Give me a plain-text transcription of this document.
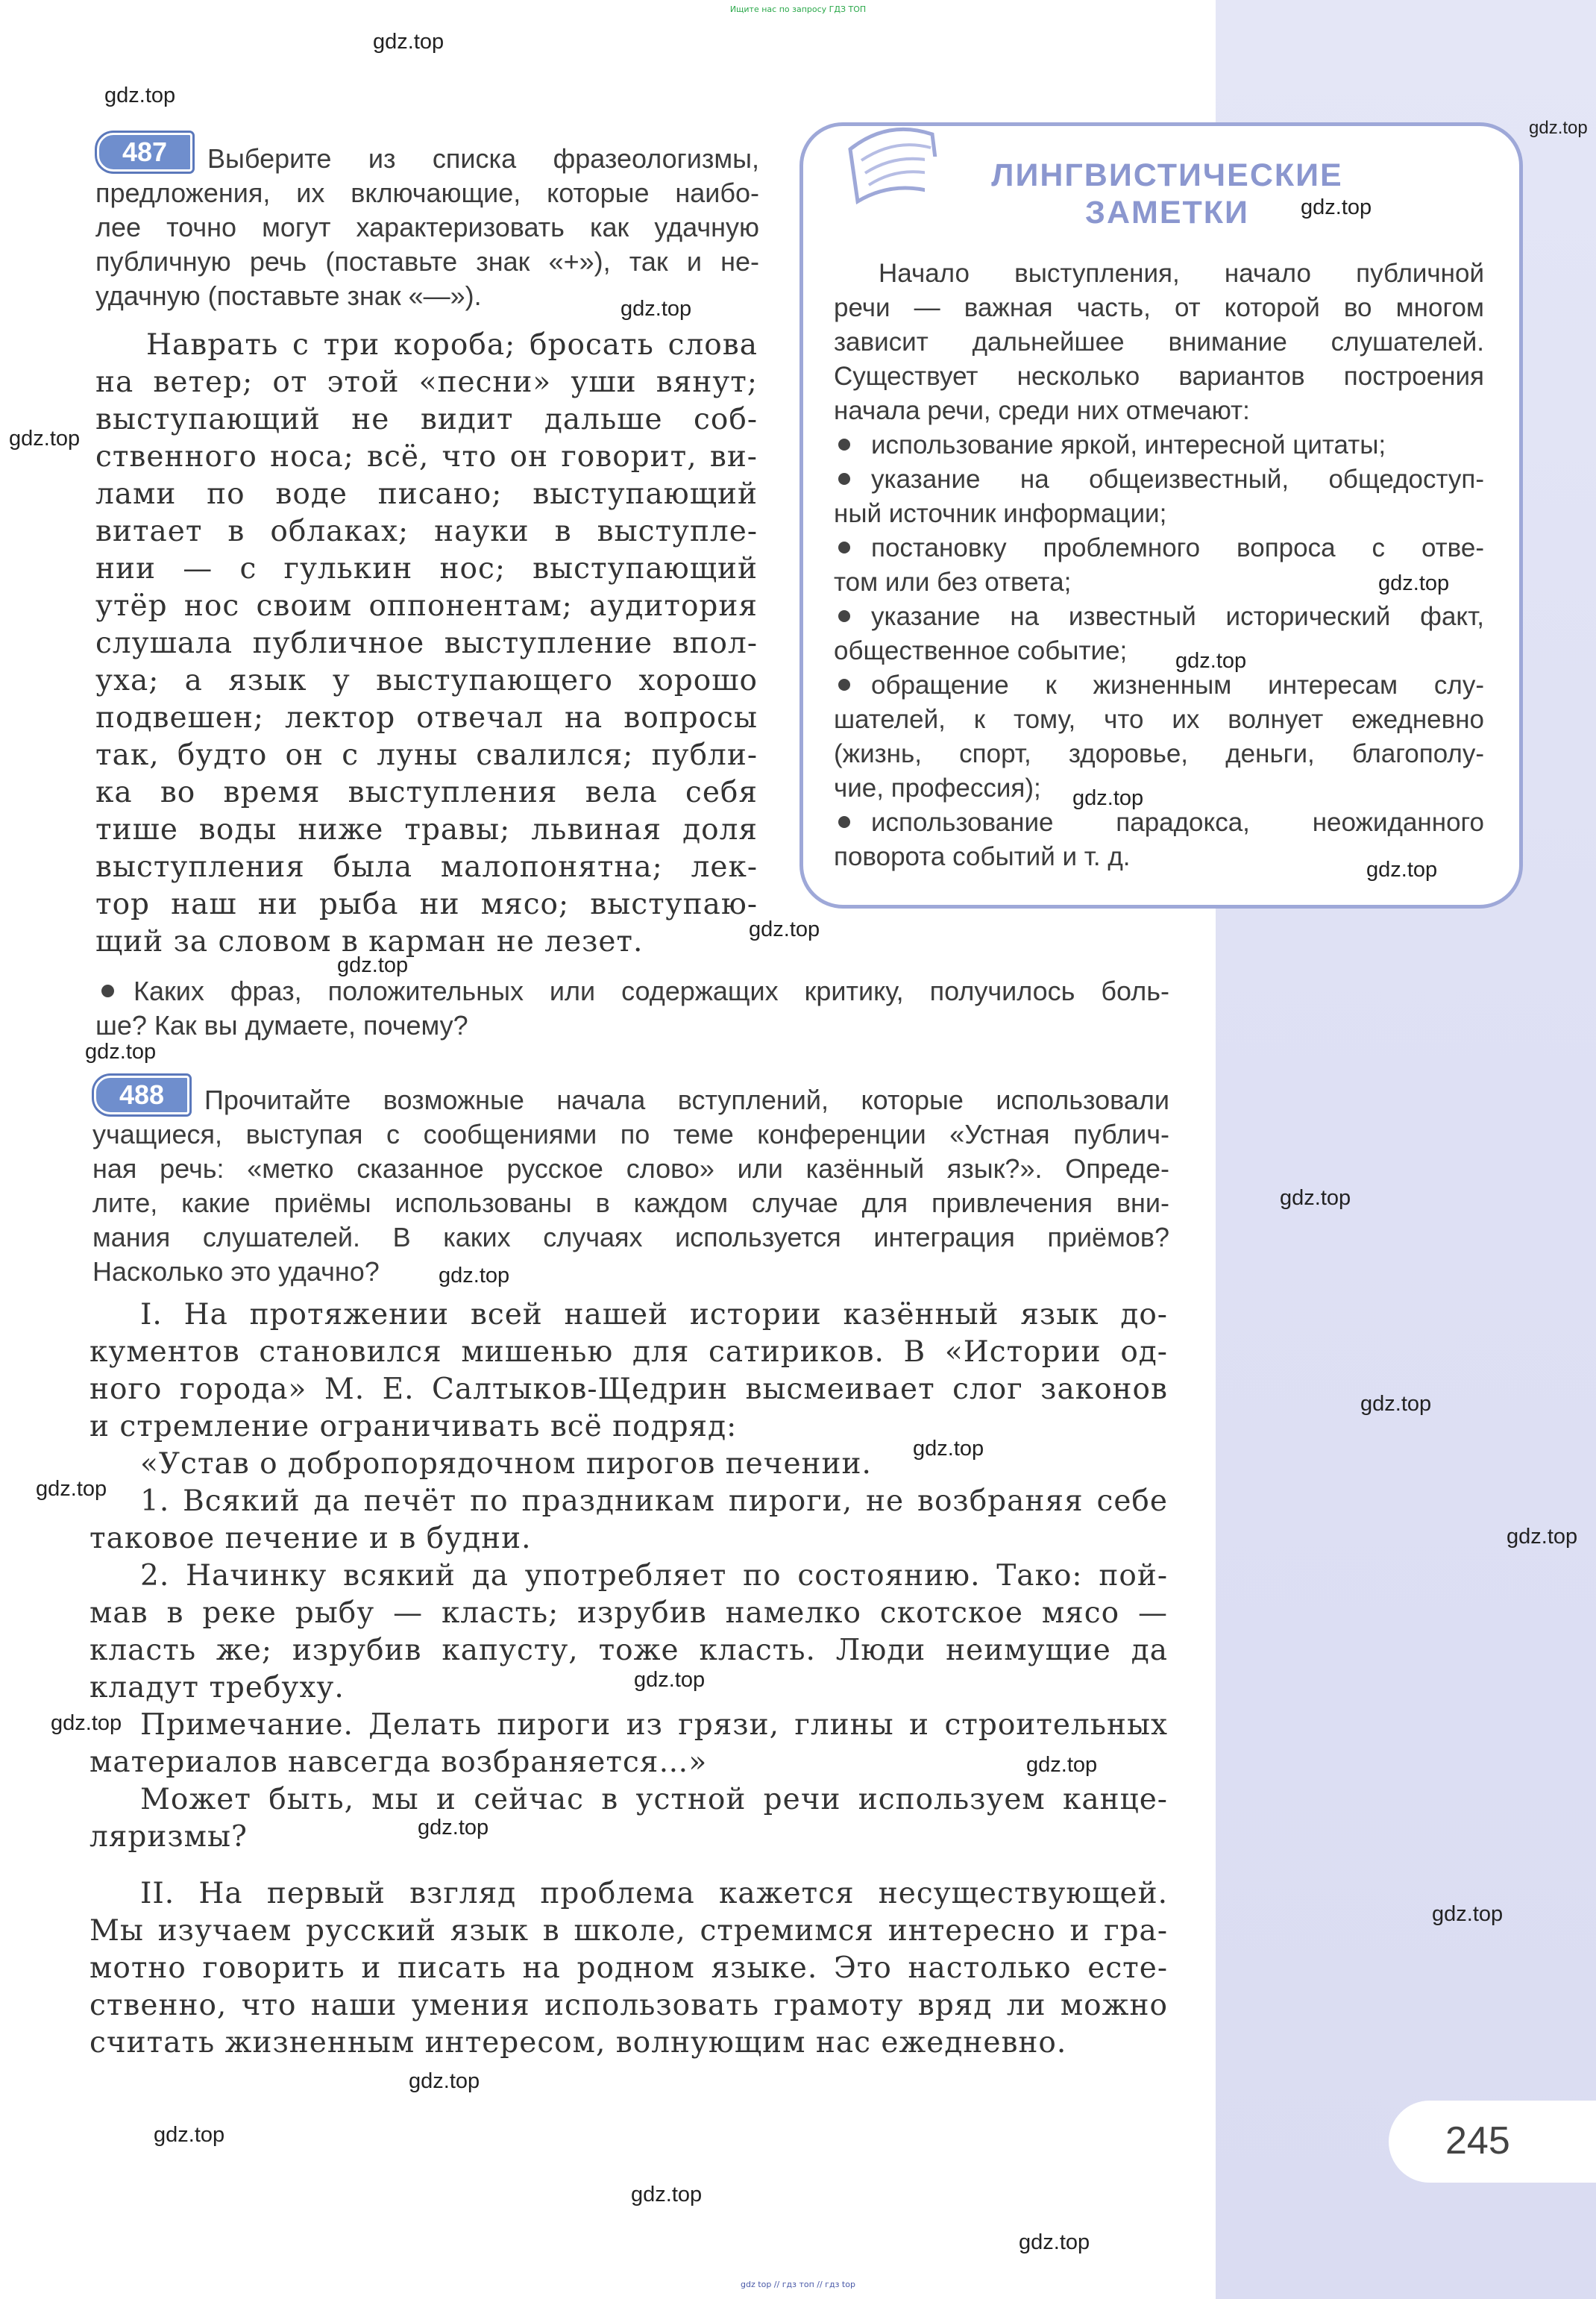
Ищите нас по запросу ГДЗ ТОП
487	Выберите из списка фразеологизмы,
предложения, их включающие, которые наибо-
лее точно могут характеризовать как удачную
публичную речь (поставьте знак «+»), так и не-
удачную (поставьте знак «—»).
Наврать с три короба; бросать слова
на ветер; от этой «песни» уши вянут;
выступающий не видит дальше соб-
ственного носа; всё, что он говорит, ви-
лами по воде писано; выступающий
витает в облаках; науки в выступле-
нии — с гулькин нос; выступающий
утёр нос своим оппонентам; аудитория
слушала публичное выступление впол-
уха; а язык у выступающего хорошо
подвешен; лектор отвечал на вопросы
так, будто он с луны свалился; публи-
ка во время выступления вела себя
тише воды ниже травы; львиная доля
выступления была малопонятна; лек-
тор наш ни рыба ни мясо; выступаю-
щий за словом в карман не лезет.
Каких фраз, положительных или содержащих критику, получилось боль-
ше? Как вы думаете, почему?
ЛИНГВИСТИЧЕСКИЕ
ЗАМЕТКИ
Начало выступления, начало публичной
речи — важная часть, от которой во многом
зависит дальнейшее внимание слушателей.
Существует несколько вариантов построения
начала речи, среди них отмечают:
использование яркой, интересной цитаты;
указание на общеизвестный, общедоступ-
ный источник информации;
постановку проблемного вопроса с отве-
том или без ответа;
указание на известный исторический факт,
общественное событие;
обращение к жизненным интересам слу-
шателей, к тому, что их волнует ежедневно
(жизнь, спорт, здоровье, деньги, благополу-
чие, профессия);
использование парадокса, неожиданного
поворота событий и т. д.
488	Прочитайте возможные начала вступлений, которые использовали
учащиеся, выступая с сообщениями по теме конференции «Устная публич-
ная речь: «метко сказанное русское слово» или казённый язык?». Опреде-
лите, какие приёмы использованы в каждом случае для привлечения вни-
мания слушателей. В каких случаях используется интеграция приёмов?
Насколько это удачно?
I. На протяжении всей нашей истории казённый язык до-
кументов становился мишенью для сатириков. В «Истории од-
ного города» М. Е. Салтыков-Щедрин высмеивает слог законов
и стремление ограничивать всё подряд:
«Устав о добропорядочном пирогов печении.
1. Всякий да печёт по праздникам пироги, не возбраняя себе
таковое печение и в будни.
2. Начинку всякий да употребляет по состоянию. Тако: пой-
мав в реке рыбу — класть; изрубив намелко скотское мясо —
класть же; изрубив капусту, тоже класть. Люди неимущие да
кладут требуху.
Примечание. Делать пироги из грязи, глины и строительных
материалов навсегда возбраняется…»
Может быть, мы и сейчас в устной речи используем канце-
ляризмы?
II. На первый взгляд проблема кажется несуществующей.
Мы изучаем русский язык в школе, стремимся интересно и гра-
мотно говорить и писать на родном языке. Это настолько есте-
ственно, что наши умения использовать грамоту вряд ли можно
считать жизненным интересом, волнующим нас ежедневно.
245
gdz top // гдз топ // гдз top
gdz.top
gdz.top
gdz.top
gdz.top
gdz.top
gdz.top
gdz.top
gdz.top
gdz.top
gdz.top
gdz.top
gdz.top
gdz.top
gdz.top
gdz.top
gdz.top
gdz.top
gdz.top
gdz.top
gdz.top
gdz.top
gdz.top
gdz.top
gdz.top
gdz.top
gdz.top
gdz.top
gdz.top
